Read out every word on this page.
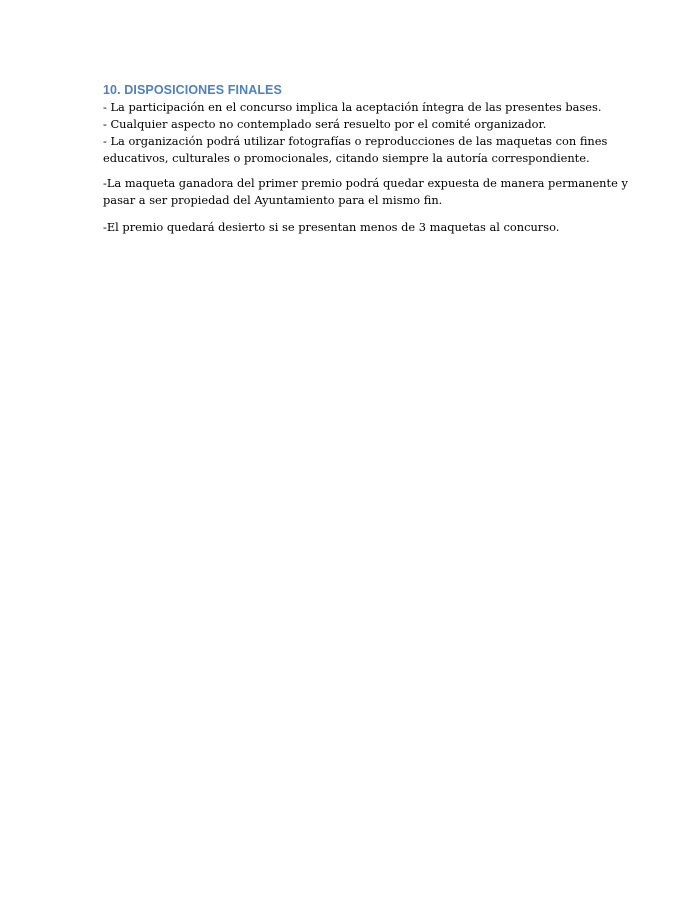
10. DISPOSICIONES FINALES
- La participación en el concurso implica la aceptación íntegra de las presentes bases.
- Cualquier aspecto no contemplado será resuelto por el comité organizador.
- La organización podrá utilizar fotografías o reproducciones de las maquetas con fines
educativos, culturales o promocionales, citando siempre la autoría correspondiente.

-La maqueta ganadora del primer premio podrá quedar expuesta de manera permanente y
pasar a ser propiedad del Ayuntamiento para el mismo fin.

-El premio quedará desierto si se presentan menos de 3 maquetas al concurso.
